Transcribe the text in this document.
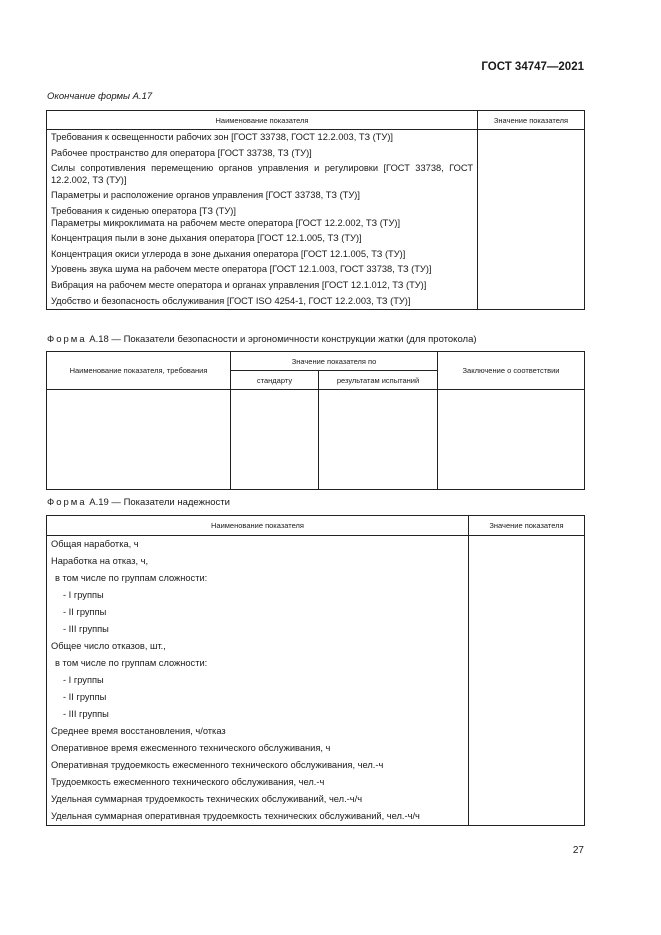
ГОСТ 34747—2021
Окончание формы А.17
Наименование показателя	Значение показателя

Требования к освещенности рабочих зон [ГОСТ 33738, ГОСТ 12.2.003, ТЗ (ТУ)]	

Рабочее пространство для оператора [ГОСТ 33738, ТЗ (ТУ)]	

Силы сопротивления перемещению органов управления и регулировки [ГОСТ 33738, ГОСТ 12.2.002, ТЗ (ТУ)]	

Параметры и расположение органов управления [ГОСТ 33738, ТЗ (ТУ)]	

Требования к сиденью оператора [ТЗ (ТУ)]
Параметры микроклимата на рабочем месте оператора [ГОСТ 12.2.002, ТЗ (ТУ)]	

Концентрация пыли в зоне дыхания оператора [ГОСТ 12.1.005, ТЗ (ТУ)]	

Концентрация окиси углерода в зоне дыхания оператора [ГОСТ 12.1.005, ТЗ (ТУ)]	

Уровень звука шума на рабочем месте оператора [ГОСТ 12.1.003, ГОСТ 33738, ТЗ (ТУ)]	

Вибрация на рабочем месте оператора и органах управления [ГОСТ 12.1.012, ТЗ (ТУ)]	

Удобство и безопасность обслуживания [ГОСТ ISO 4254-1, ГОСТ 12.2.003, ТЗ (ТУ)]	

Форма А.18 — Показатели безопасности и эргономичности конструкции жатки (для протокола)
Наименование показателя, требования	Значение показателя по		Заключение о соответствии
	стандарту	результатам испытаний	

Форма А.19 — Показатели надежности
Наименование показателя	Значение показателя
Общая наработка, ч	
Наработка на отказ, ч,	
в том числе по группам сложности:	
- I группы	
- II группы	
- III группы	
Общее число отказов, шт.,	
в том числе по группам сложности:	
- I группы	
- II группы	
- III группы	
Среднее время восстановления, ч/отказ	
Оперативное время ежесменного технического обслуживания, ч	
Оперативная трудоемкость ежесменного технического обслуживания, чел.-ч	
Трудоемкость ежесменного технического обслуживания, чел.-ч	
Удельная суммарная трудоемкость технических обслуживаний, чел.-ч/ч	
Удельная суммарная оперативная трудоемкость технических обслуживаний, чел.-ч/ч	
27
